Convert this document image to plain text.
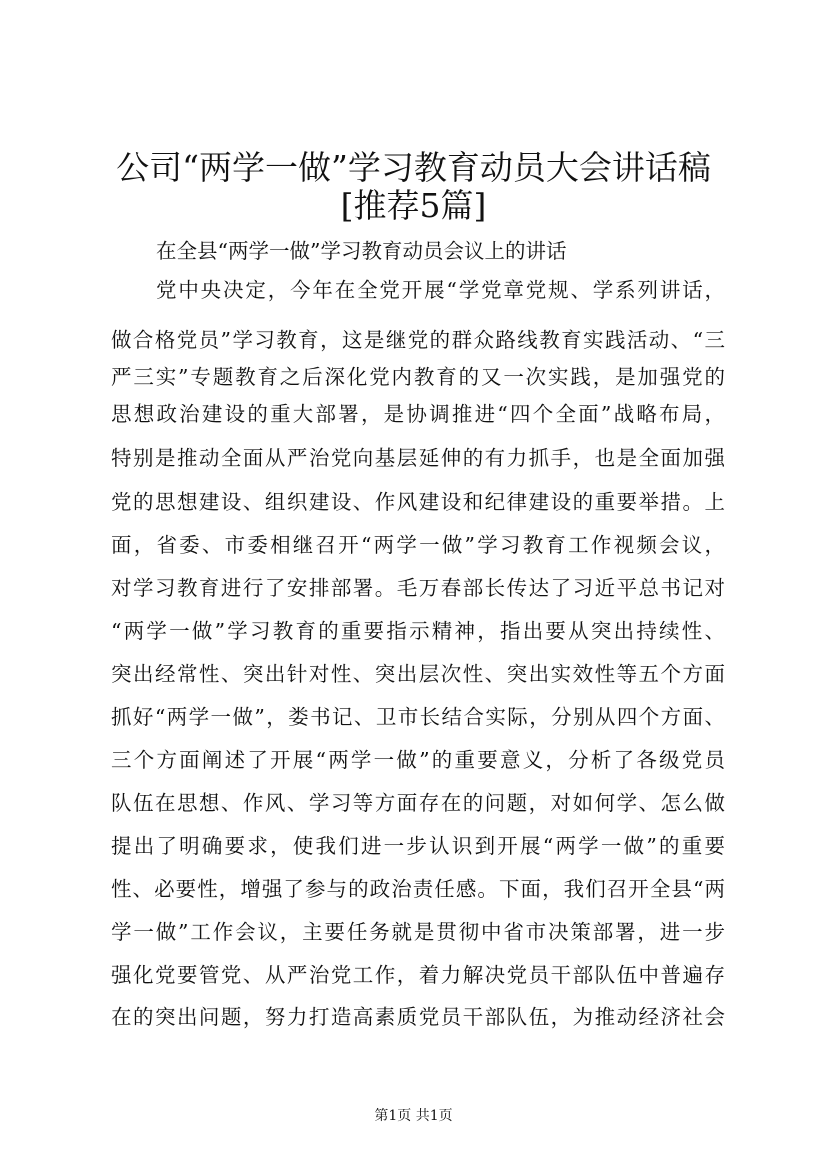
公司“两学一做”学习教育动员大会讲话稿
[推荐5篇]
在全县“两学一做”学习教育动员会议上的讲话
党中央决定，今年在全党开展“学党章党规、学系列讲话，
做合格党员”学习教育，这是继党的群众路线教育实践活动、“三
严三实”专题教育之后深化党内教育的又一次实践，是加强党的
思想政治建设的重大部署，是协调推进“四个全面”战略布局，
特别是推动全面从严治党向基层延伸的有力抓手，也是全面加强
党的思想建设、组织建设、作风建设和纪律建设的重要举措。上
面，省委、市委相继召开“两学一做”学习教育工作视频会议，
对学习教育进行了安排部署。毛万春部长传达了习近平总书记对
“两学一做”学习教育的重要指示精神，指出要从突出持续性、
突出经常性、突出针对性、突出层次性、突出实效性等五个方面
抓好“两学一做”，娄书记、卫市长结合实际，分别从四个方面、
三个方面阐述了开展“两学一做”的重要意义，分析了各级党员
队伍在思想、作风、学习等方面存在的问题，对如何学、怎么做
提出了明确要求，使我们进一步认识到开展“两学一做”的重要
性、必要性，增强了参与的政治责任感。下面，我们召开全县“两
学一做”工作会议，主要任务就是贯彻中省市决策部署，进一步
强化党要管党、从严治党工作，着力解决党员干部队伍中普遍存
在的突出问题，努力打造高素质党员干部队伍，为推动经济社会
第1页 共1页
